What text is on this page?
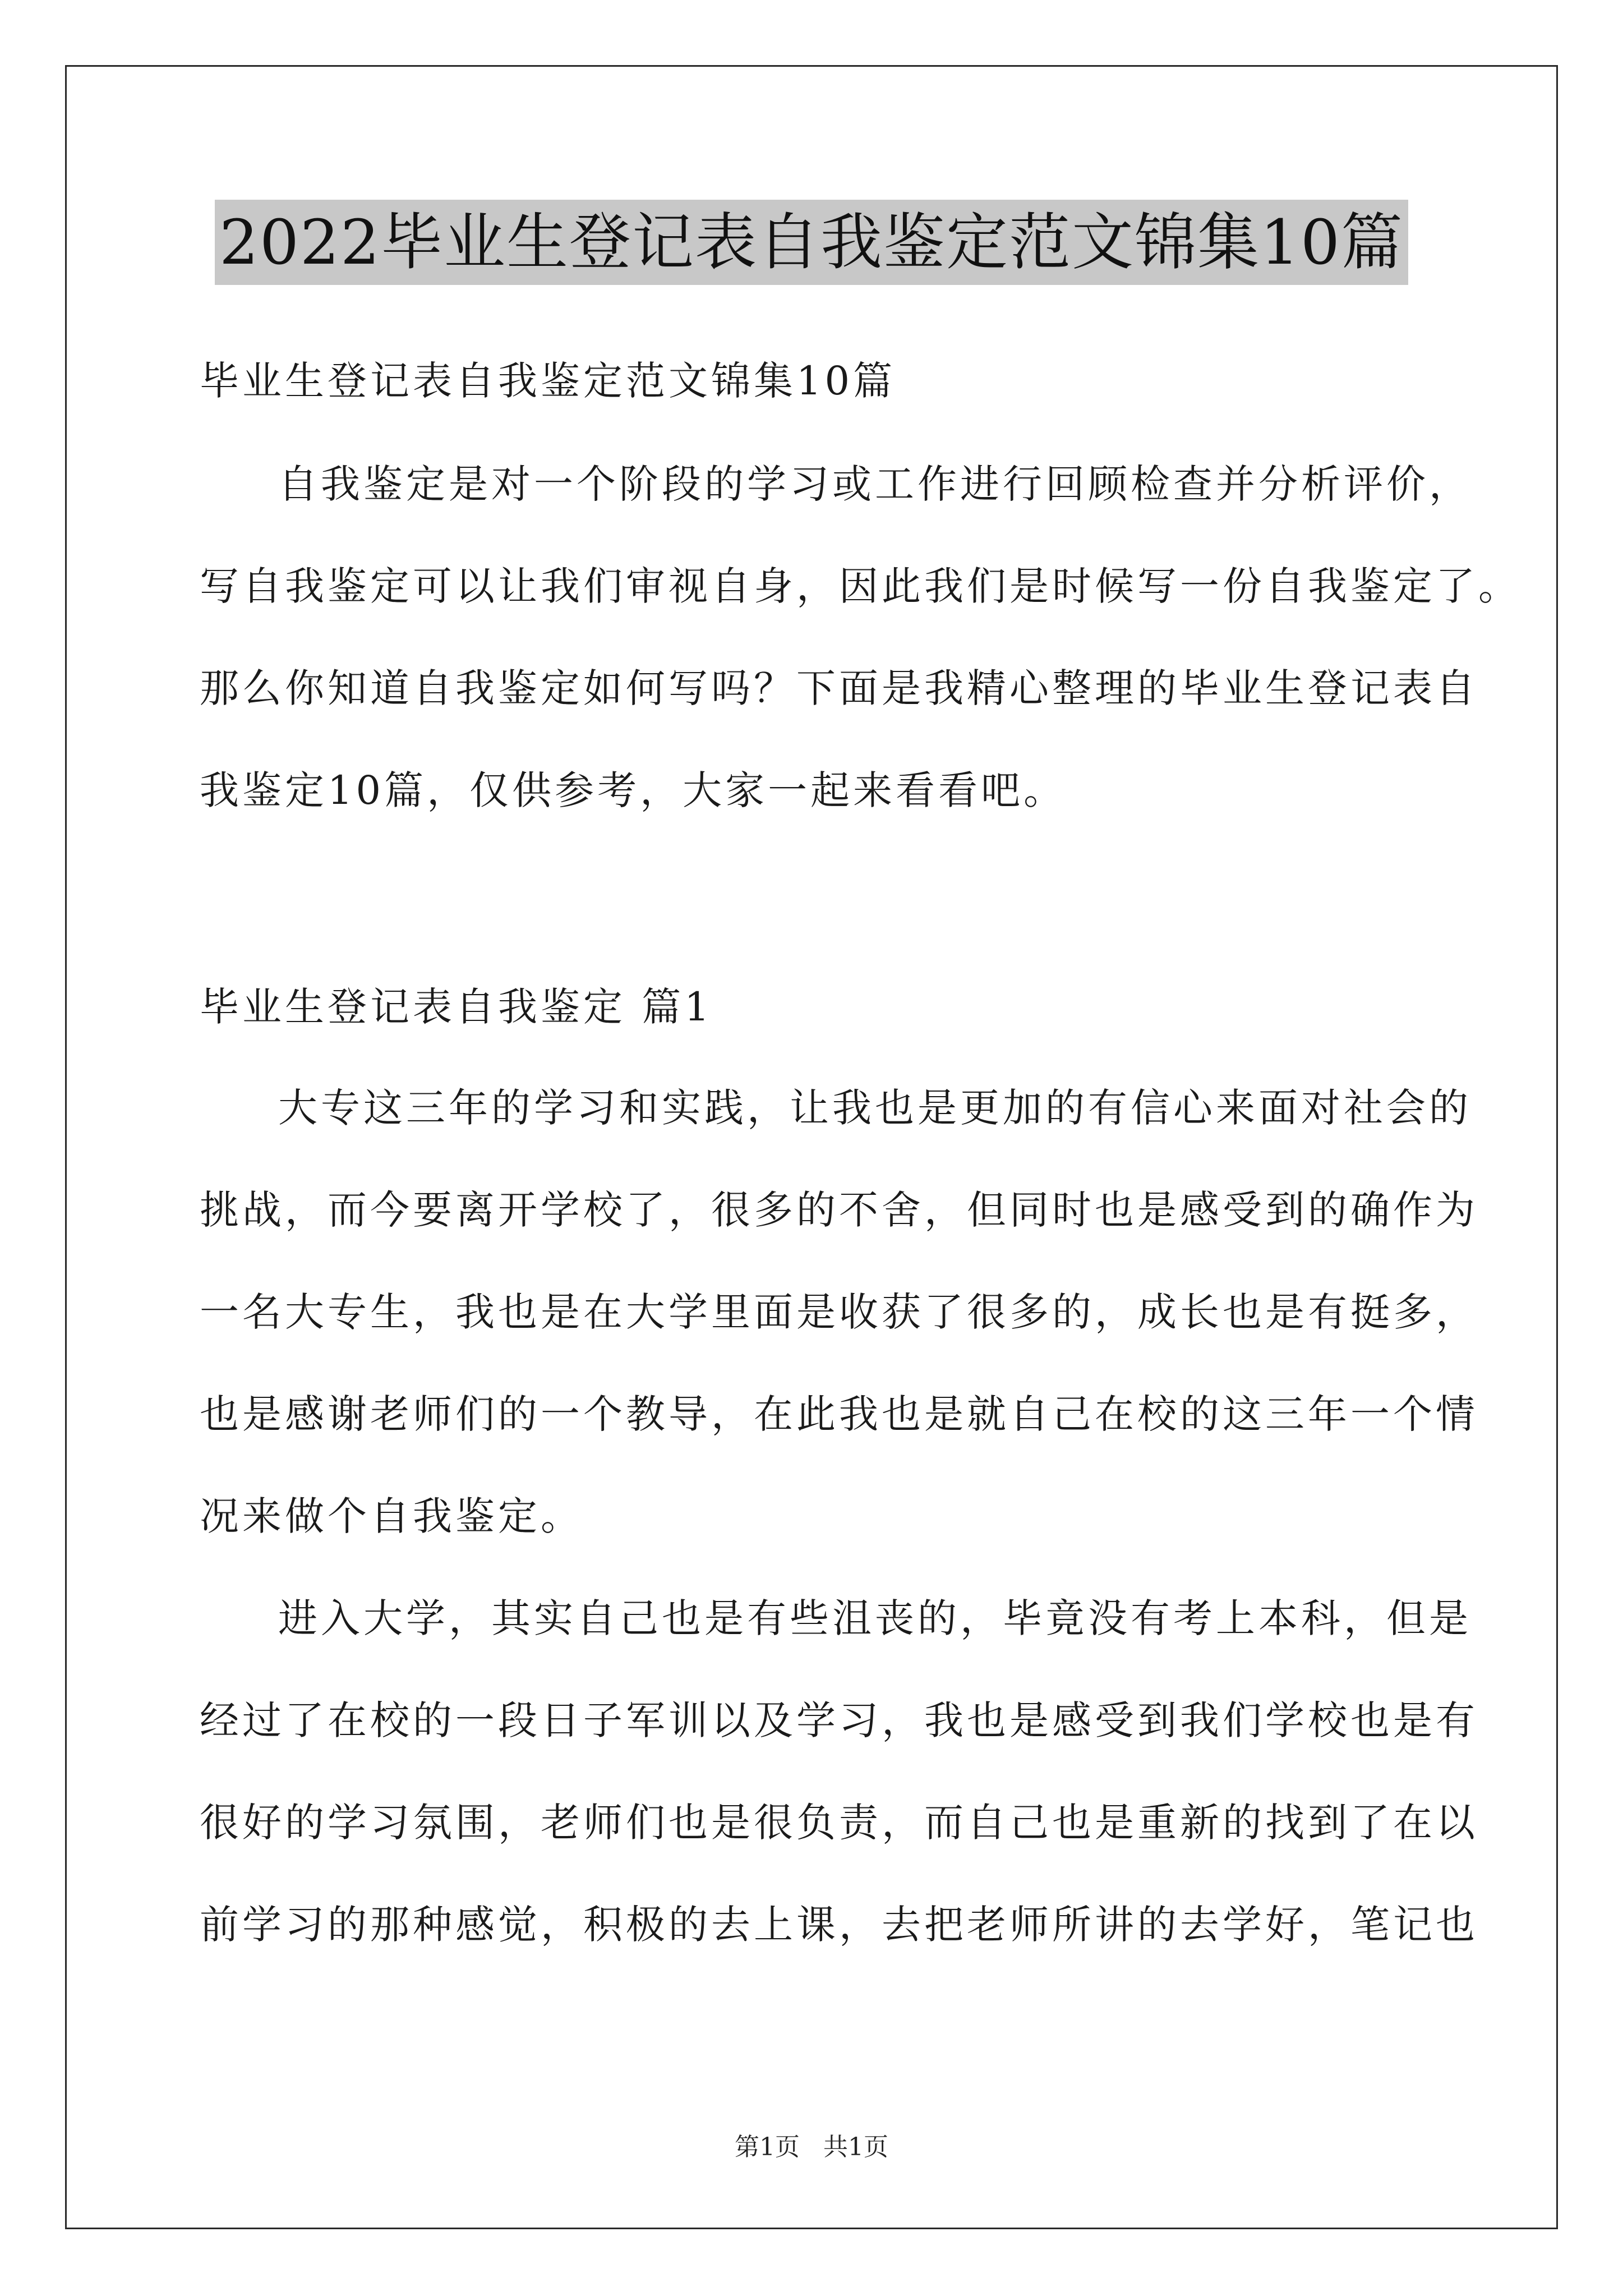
2022毕业生登记表自我鉴定范文锦集10篇

毕业生登记表自我鉴定范文锦集10篇

自我鉴定是对一个阶段的学习或工作进行回顾检查并分析评价，

写自我鉴定可以让我们审视自身，因此我们是时候写一份自我鉴定了。

那么你知道自我鉴定如何写吗？下面是我精心整理的毕业生登记表自

我鉴定10篇，仅供参考，大家一起来看看吧。

毕业生登记表自我鉴定 篇1

大专这三年的学习和实践，让我也是更加的有信心来面对社会的

挑战，而今要离开学校了，很多的不舍，但同时也是感受到的确作为

一名大专生，我也是在大学里面是收获了很多的，成长也是有挺多，

也是感谢老师们的一个教导，在此我也是就自己在校的这三年一个情

况来做个自我鉴定。

进入大学，其实自己也是有些沮丧的，毕竟没有考上本科，但是

经过了在校的一段日子军训以及学习，我也是感受到我们学校也是有

很好的学习氛围，老师们也是很负责，而自己也是重新的找到了在以

前学习的那种感觉，积极的去上课，去把老师所讲的去学好，笔记也

第1页 共1页
